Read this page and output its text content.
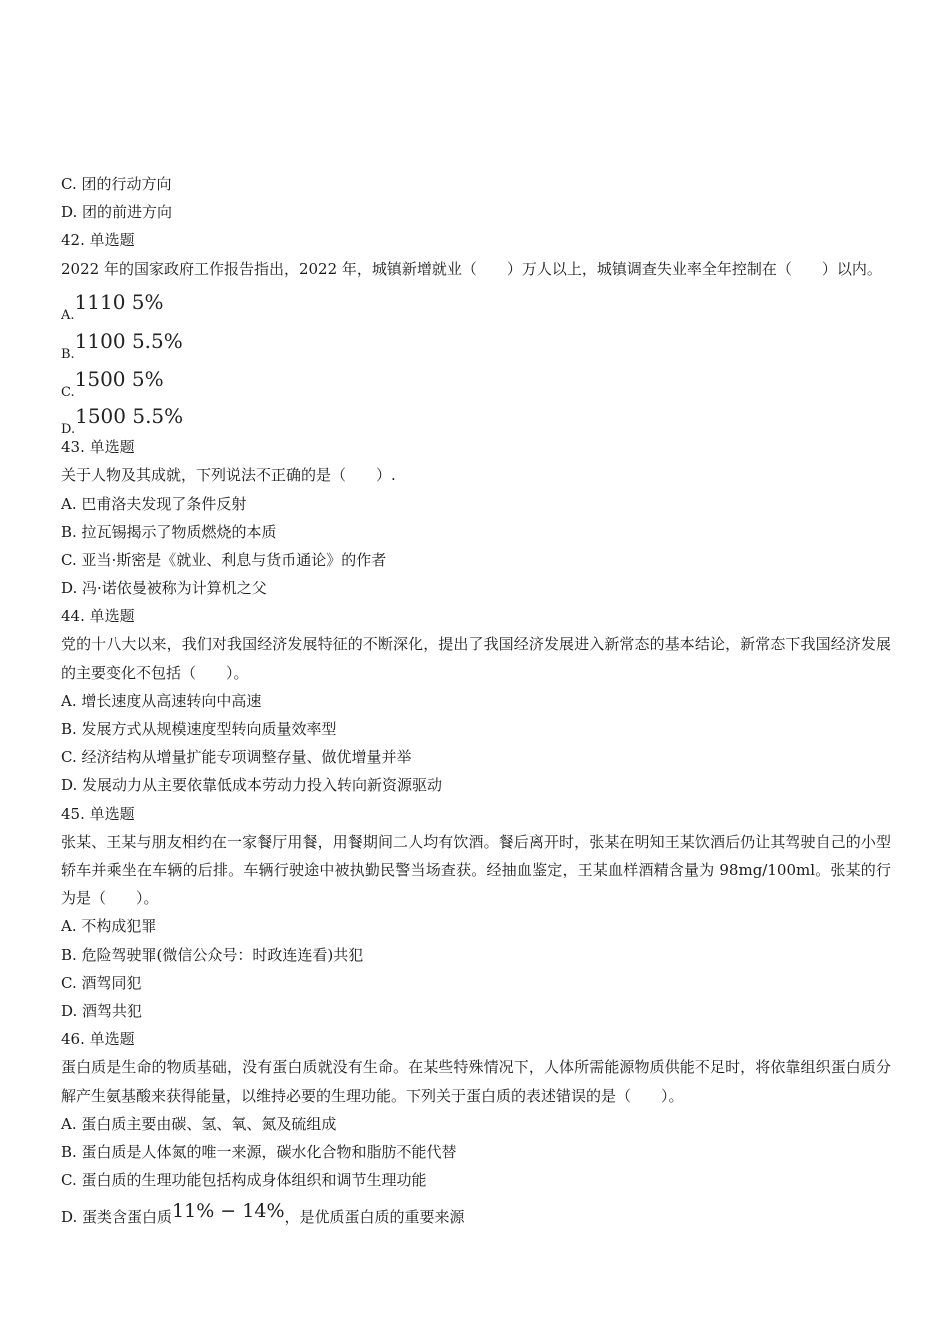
C. 团的行动方向
D. 团的前进方向
42. 单选题
2022 年的国家政府工作报告指出，2022 年，城镇新增就业（　　）万人以上，城镇调查失业率全年控制在（　　）以内。
A.1110 5%
B.1100 5.5%
C.1500 5%
D.1500 5.5%
43. 单选题
关于人物及其成就，下列说法不正确的是（　　）.
A. 巴甫洛夫发现了条件反射
B. 拉瓦锡揭示了物质燃烧的本质
C. 亚当·斯密是《就业、利息与货币通论》的作者
D. 冯·诺依曼被称为计算机之父
44. 单选题
党的十八大以来，我们对我国经济发展特征的不断深化，提出了我国经济发展进入新常态的基本结论，新常态下我国经济发展的主要变化不包括（　　）。
A. 增长速度从高速转向中高速
B. 发展方式从规模速度型转向质量效率型
C. 经济结构从增量扩能专项调整存量、做优增量并举
D. 发展动力从主要依靠低成本劳动力投入转向新资源驱动
45. 单选题
张某、王某与朋友相约在一家餐厅用餐，用餐期间二人均有饮酒。餐后离开时，张某在明知王某饮酒后仍让其驾驶自己的小型轿车并乘坐在车辆的后排。车辆行驶途中被执勤民警当场查获。经抽血鉴定，王某血样酒精含量为 98mg/100ml。张某的行为是（　　）。
A. 不构成犯罪
B. 危险驾驶罪(微信公众号：时政连连看)共犯
C. 酒驾同犯
D. 酒驾共犯
46. 单选题
蛋白质是生命的物质基础，没有蛋白质就没有生命。在某些特殊情况下，人体所需能源物质供能不足时，将依靠组织蛋白质分解产生氨基酸来获得能量，以维持必要的生理功能。下列关于蛋白质的表述错误的是（　　）。
A. 蛋白质主要由碳、氢、氧、氮及硫组成
B. 蛋白质是人体氮的唯一来源，碳水化合物和脂肪不能代替
C. 蛋白质的生理功能包括构成身体组织和调节生理功能
D. 蛋类含蛋白质11% − 14%，是优质蛋白质的重要来源
